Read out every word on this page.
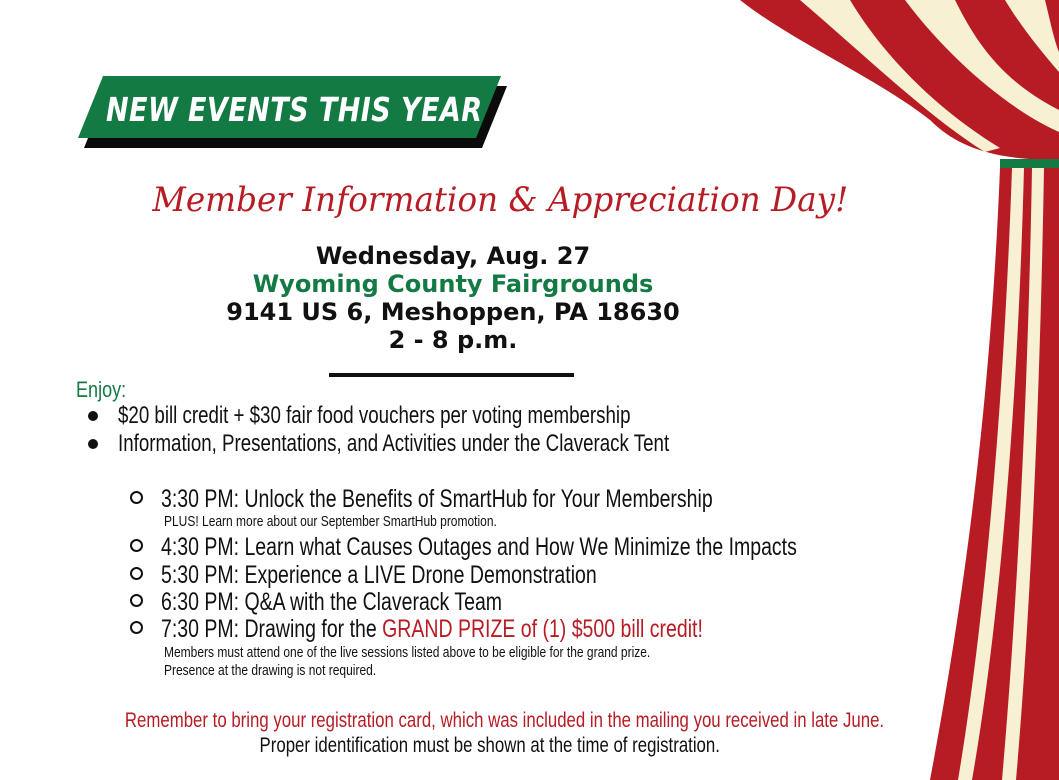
NEW EVENTS THIS YEAR
Member Information & Appreciation Day!
Wednesday, Aug. 27
Wyoming County Fairgrounds
9141 US 6, Meshoppen, PA 18630
2 - 8 p.m.
Enjoy:
$20 bill credit + $30 fair food vouchers per voting membership
Information, Presentations, and Activities under the Claverack Tent
3:30 PM: Unlock the Benefits of SmartHub for Your Membership
PLUS! Learn more about our September SmartHub promotion.
4:30 PM: Learn what Causes Outages and How We Minimize the Impacts
5:30 PM: Experience a LIVE Drone Demonstration
6:30 PM: Q&A with the Claverack Team
7:30 PM: Drawing for the GRAND PRIZE of (1) $500 bill credit!
Members must attend one of the live sessions listed above to be eligible for the grand prize.
Presence at the drawing is not required.
Remember to bring your registration card, which was included in the mailing you received in late June.
Proper identification must be shown at the time of registration.
